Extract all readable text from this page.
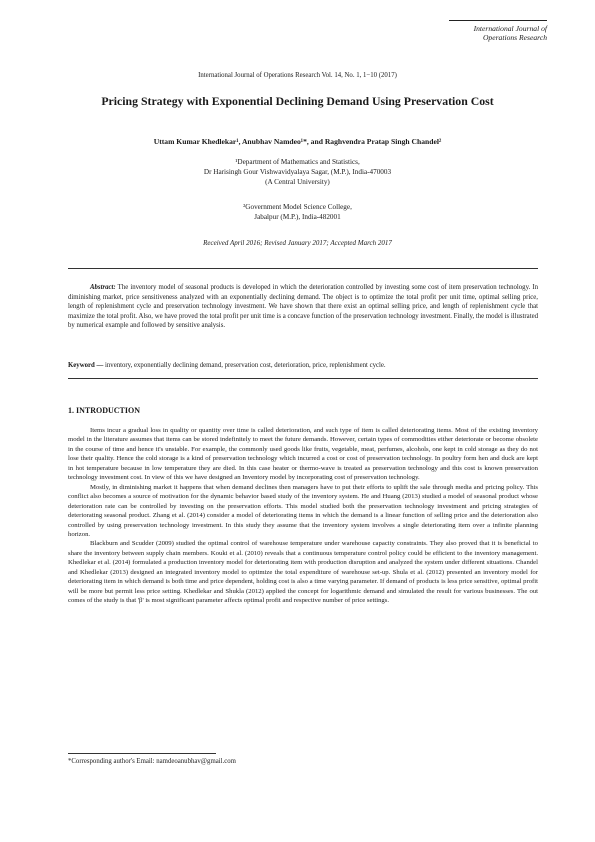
International Journal of
Operations Research
International Journal of Operations Research Vol. 14, No. 1, 1−10 (2017)
Pricing Strategy with Exponential Declining Demand Using Preservation Cost
Uttam Kumar Khedlekar¹, Anubhav Namdeo¹*, and Raghvendra Pratap Singh Chandel²
¹Department of Mathematics and Statistics,
Dr Harisingh Gour Vishwavidyalaya Sagar, (M.P.), India-470003
(A Central University)
²Government Model Science College,
Jabalpur (M.P.), India-482001
Received April 2016; Revised January 2017; Accepted March 2017
Abstract: The inventory model of seasonal products is developed in which the deterioration controlled by investing some cost of item preservation technology. In diminishing market, price sensitiveness analyzed with an exponentially declining demand. The object is to optimize the total profit per unit time, optimal selling price, length of replenishment cycle and preservation technology investment. We have shown that there exist an optimal selling price, and length of replenishment cycle that maximize the total profit. Also, we have proved the total profit per unit time is a concave function of the preservation technology investment. Finally, the model is illustrated by numerical example and followed by sensitive analysis.
Keyword — inventory, exponentially declining demand, preservation cost, deterioration, price, replenishment cycle.
1. INTRODUCTION

Items incur a gradual loss in quality or quantity over time is called deterioration, and such type of item is called deteriorating items. Most of the existing inventory model in the literature assumes that items can be stored indefinitely to meet the future demands. However, certain types of commodities either deteriorate or become obsolete in the course of time and hence it's unstable. For example, the commonly used goods like fruits, vegetable, meat, perfumes, alcohols, one kept in cold storage as they do not lose their quality. Hence the cold storage is a kind of preservation technology which incurred a cost or cost of preservation technology. In poultry form hen and duck are kept in hot temperature because in low temperature they are died. In this case heater or thermo-wave is treated as preservation technology and this cost is known preservation technology investment cost. In view of this we have designed an Inventory model by incorporating cost of preservation technology.

Mostly, in diminishing market it happens that when demand declines then managers have to put their efforts to uplift the sale through media and pricing policy. This conflict also becomes a source of motivation for the dynamic behavior based study of the inventory system. He and Huang (2013) studied a model of seasonal product whose deterioration rate can be controlled by investing on the preservation efforts. This model studied both the preservation technology investment and pricing strategies of deteriorating seasonal product. Zhang et al. (2014) consider a model of deteriorating items in which the demand is a linear function of selling price and the deterioration also controlled by using preservation technology investment. In this study they assume that the inventory system involves a single deteriorating item over a infinite planning horizon.

Blackburn and Scudder (2009) studied the optimal control of warehouse temperature under warehouse capacity constraints. They also proved that it is beneficial to share the inventory between supply chain members. Kouki et al. (2010) reveals that a continuous temperature control policy could be efficient to the inventory management. Khedlekar et al. (2014) formulated a production inventory model for deteriorating item with production disruption and analyzed the system under different situations. Chandel and Khedlekar (2013) designed an integrated inventory model to optimize the total expenditure of warehouse set-up. Shula et al. (2012) presented an inventory model for deteriorating item in which demand is both time and price dependent, holding cost is also a time varying parameter. If demand of products is less price sensitive, optimal profit will be more but permit less price setting. Khedlekar and Shukla (2012) applied the concept for logarithmic demand and simulated the result for various businesses. The out comes of the study is that 'β' is most significant parameter affects optimal profit and respective number of price settings.

*Corresponding author's Email: namdeoanubhav@gmail.com
